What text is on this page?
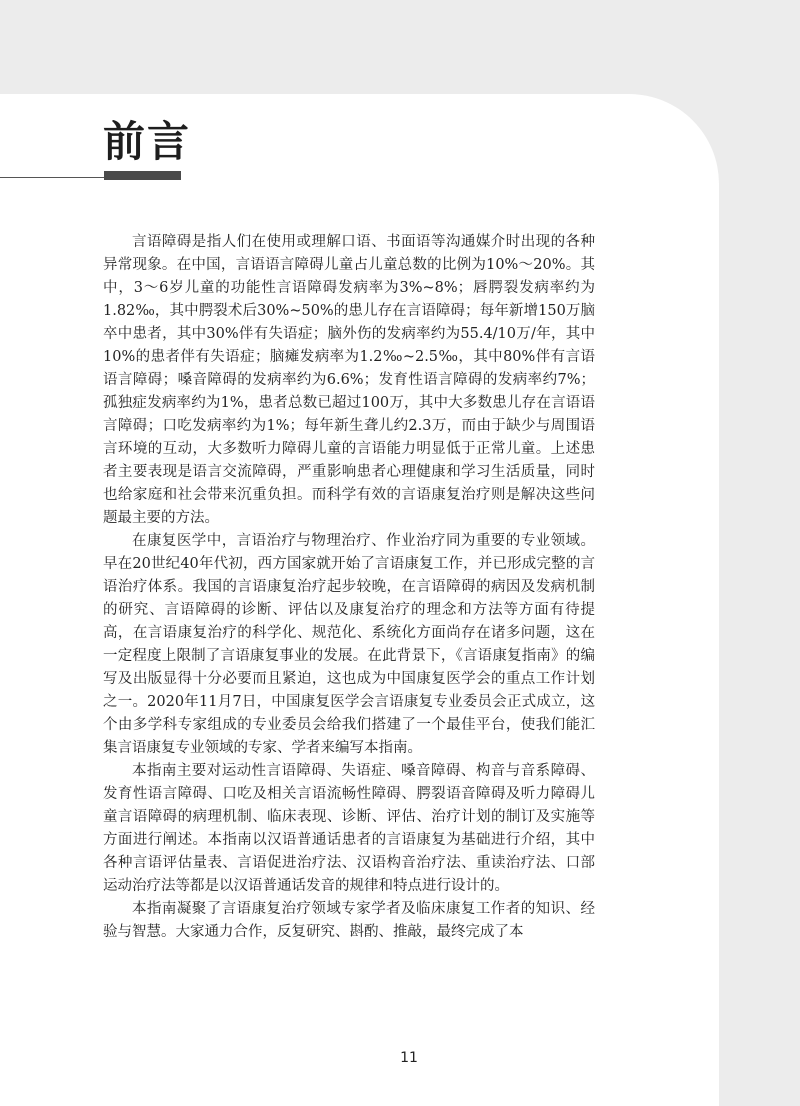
前言

言语障碍是指人们在使用或理解口语、书面语等沟通媒介时出现的各种异常现象。在中国，言语语言障碍儿童占儿童总数的比例为10%～20%。其中，3～6岁儿童的功能性言语障碍发病率为3%~8%；唇腭裂发病率约为1.82‰，其中腭裂术后30%~50%的患儿存在言语障碍；每年新增150万脑卒中患者，其中30%伴有失语症；脑外伤的发病率约为55.4/10万/年，其中10%的患者伴有失语症；脑瘫发病率为1.2‰~2.5‰，其中80%伴有言语语言障碍；嗓音障碍的发病率约为6.6%；发育性语言障碍的发病率约7%；孤独症发病率约为1%，患者总数已超过100万，其中大多数患儿存在言语语言障碍；口吃发病率约为1%；每年新生聋儿约2.3万，而由于缺少与周围语言环境的互动，大多数听力障碍儿童的言语能力明显低于正常儿童。上述患者主要表现是语言交流障碍，严重影响患者心理健康和学习生活质量，同时也给家庭和社会带来沉重负担。而科学有效的言语康复治疗则是解决这些问题最主要的方法。

在康复医学中，言语治疗与物理治疗、作业治疗同为重要的专业领域。早在20世纪40年代初，西方国家就开始了言语康复工作，并已形成完整的言语治疗体系。我国的言语康复治疗起步较晚，在言语障碍的病因及发病机制的研究、言语障碍的诊断、评估以及康复治疗的理念和方法等方面有待提高，在言语康复治疗的科学化、规范化、系统化方面尚存在诸多问题，这在一定程度上限制了言语康复事业的发展。在此背景下，《言语康复指南》的编写及出版显得十分必要而且紧迫，这也成为中国康复医学会的重点工作计划之一。2020年11月7日，中国康复医学会言语康复专业委员会正式成立，这个由多学科专家组成的专业委员会给我们搭建了一个最佳平台，使我们能汇集言语康复专业领域的专家、学者来编写本指南。

本指南主要对运动性言语障碍、失语症、嗓音障碍、构音与音系障碍、发育性语言障碍、口吃及相关言语流畅性障碍、腭裂语音障碍及听力障碍儿童言语障碍的病理机制、临床表现、诊断、评估、治疗计划的制订及实施等方面进行阐述。本指南以汉语普通话患者的言语康复为基础进行介绍，其中各种言语评估量表、言语促进治疗法、汉语构音治疗法、重读治疗法、口部运动治疗法等都是以汉语普通话发音的规律和特点进行设计的。

本指南凝聚了言语康复治疗领域专家学者及临床康复工作者的知识、经验与智慧。大家通力合作，反复研究、斟酌、推敲，最终完成了本

11
